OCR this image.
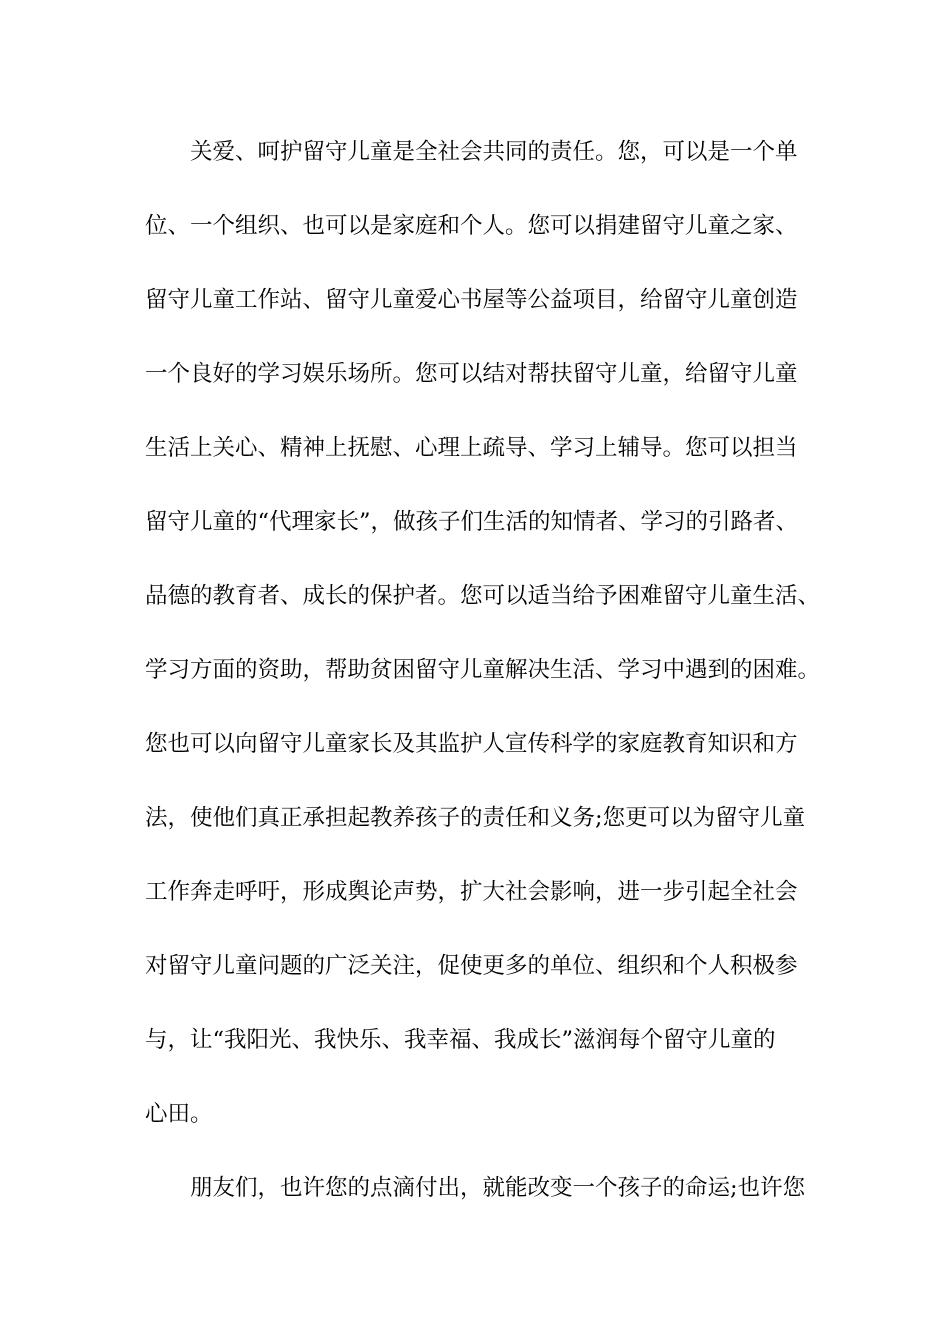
关爱、呵护留守儿童是全社会共同的责任。您，可以是一个单
位、一个组织、也可以是家庭和个人。您可以捐建留守儿童之家、
留守儿童工作站、留守儿童爱心书屋等公益项目，给留守儿童创造
一个良好的学习娱乐场所。您可以结对帮扶留守儿童，给留守儿童
生活上关心、精神上抚慰、心理上疏导、学习上辅导。您可以担当
留守儿童的“代理家长”，做孩子们生活的知情者、学习的引路者、
品德的教育者、成长的保护者。您可以适当给予困难留守儿童生活、
学习方面的资助，帮助贫困留守儿童解决生活、学习中遇到的困难。
您也可以向留守儿童家长及其监护人宣传科学的家庭教育知识和方
法，使他们真正承担起教养孩子的责任和义务;您更可以为留守儿童
工作奔走呼吁，形成舆论声势，扩大社会影响，进一步引起全社会
对留守儿童问题的广泛关注，促使更多的单位、组织和个人积极参
与，让“我阳光、我快乐、我幸福、我成长”滋润每个留守儿童的
心田。
朋友们，也许您的点滴付出，就能改变一个孩子的命运;也许您
